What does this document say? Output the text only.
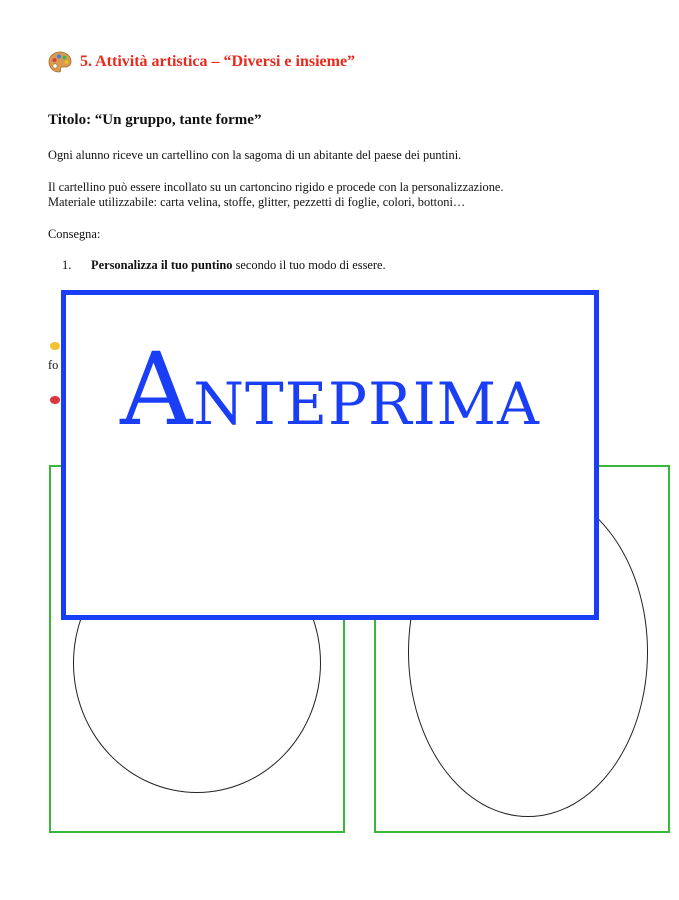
5. Attività artistica – “Diversi e insieme”
Titolo: “Un gruppo, tante forme”
Ogni alunno riceve un cartellino con la sagoma di un abitante del paese dei puntini.
Il cartellino può essere incollato su un cartoncino rigido e procede con la personalizzazione.
Materiale utilizzabile: carta velina, stoffe, glitter, pezzetti di foglie, colori, bottoni…
Consegna:
1. Personalizza il tuo puntino secondo il tuo modo di essere.
fo ANTEPRIMA
